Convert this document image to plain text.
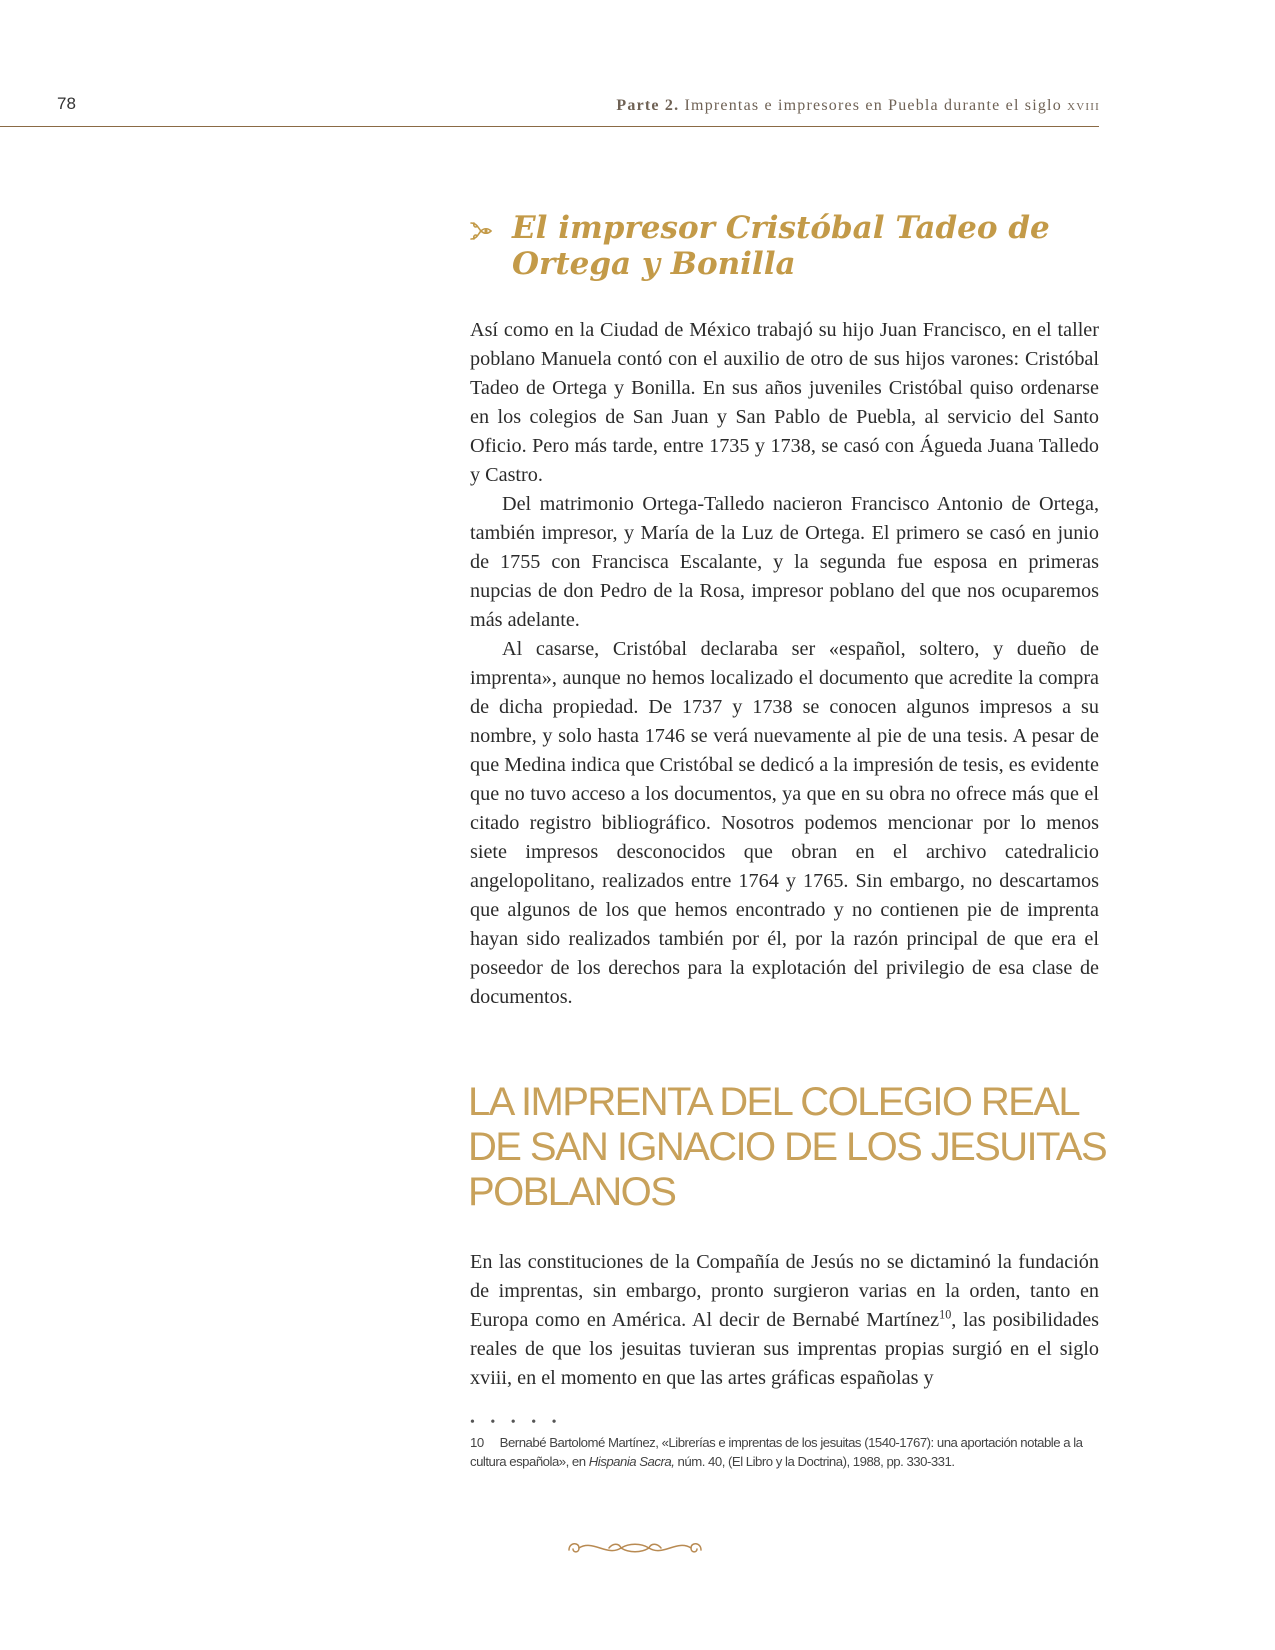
78	Parte 2. Imprentas e impresores en Puebla durante el siglo xviii
El impresor Cristóbal Tadeo de Ortega y Bonilla

Así como en la Ciudad de México trabajó su hijo Juan Francisco, en el taller poblano Manuela contó con el auxilio de otro de sus hijos varones: Cristóbal Tadeo de Ortega y Bonilla. En sus años juveniles Cristóbal quiso ordenarse en los colegios de San Juan y San Pablo de Puebla, al servicio del Santo Oficio. Pero más tarde, entre 1735 y 1738, se casó con Águeda Juana Talledo y Castro.

Del matrimonio Ortega-Talledo nacieron Francisco Antonio de Ortega, también impresor, y María de la Luz de Ortega. El primero se casó en junio de 1755 con Francisca Escalante, y la segunda fue esposa en primeras nupcias de don Pedro de la Rosa, impresor poblano del que nos ocuparemos más adelante.

Al casarse, Cristóbal declaraba ser «español, soltero, y dueño de imprenta», aunque no hemos localizado el documento que acredite la compra de dicha propiedad. De 1737 y 1738 se conocen algunos impresos a su nombre, y solo hasta 1746 se verá nuevamente al pie de una tesis. A pesar de que Medina indica que Cristóbal se dedicó a la impresión de tesis, es evidente que no tuvo acceso a los documentos, ya que en su obra no ofrece más que el citado registro bibliográfico. Nosotros podemos mencionar por lo menos siete impresos desconocidos que obran en el archivo catedralicio angelopolitano, realizados entre 1764 y 1765. Sin embargo, no descartamos que algunos de los que hemos encontrado y no contienen pie de imprenta hayan sido realizados también por él, por la razón principal de que era el poseedor de los derechos para la explotación del privilegio de esa clase de documentos.

LA IMPRENTA DEL COLEGIO REAL
DE SAN IGNACIO DE LOS JESUITAS
POBLANOS

En las constituciones de la Compañía de Jesús no se dictaminó la fundación de imprentas, sin embargo, pronto surgieron varias en la orden, tanto en Europa como en América. Al decir de Bernabé Martínez$^{10}$, las posibilidades reales de que los jesuitas tuvieran sus imprentas propias surgió en el siglo xviii, en el momento en que las artes gráficas españolas y

• • • • •
10 Bernabé Bartolomé Martínez, «Librerías e imprentas de los jesuitas (1540-1767): una aportación notable a la cultura española», en Hispania Sacra, núm. 40, (El Libro y la Doctrina), 1988, pp. 330-331.
